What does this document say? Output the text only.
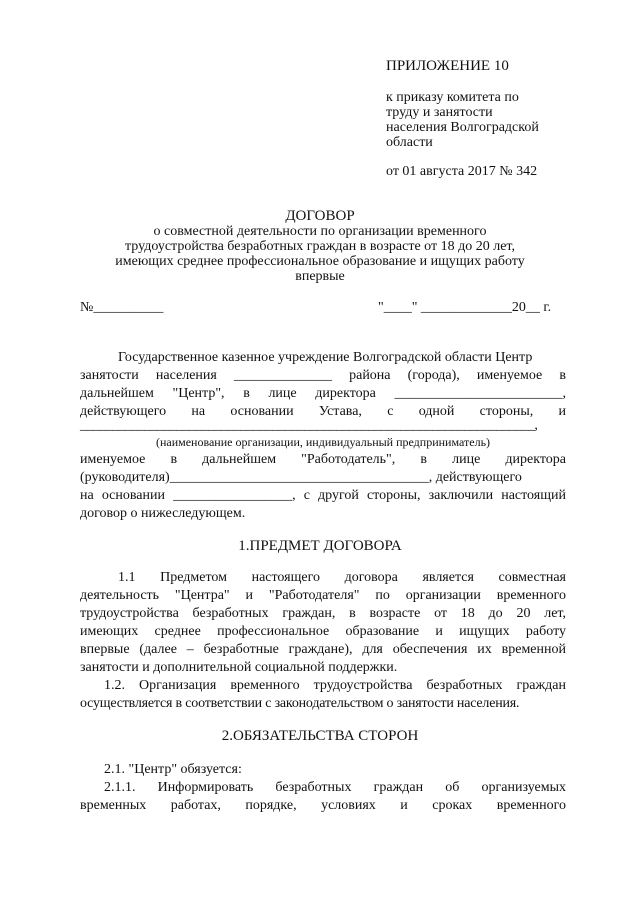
ПРИЛОЖЕНИЕ 10
к приказу комитета по
труду и занятости
населения Волгоградской
области
от 01 августа 2017 № 342
ДОГОВОР
о совместной деятельности по организации временного
трудоустройства безработных граждан в возрасте от 18 до 20 лет,
имеющих среднее профессиональное образование и ищущих работу
впервые
№__________	"____" _____________20__ г.
Государственное казенное учреждение Волгоградской области Центр
занятости населения ______________ района (города), именуемое в
дальнейшем "Центр", в лице директора ________________________,
действующего на основании Устава, с одной стороны, и
_______________________________________________________________________,
(наименование организации, индивидуальный предприниматель)
именуемое в дальнейшем "Работодатель", в лице директора
(руководителя)_____________________________________, действующего
на основании _________________, с другой стороны, заключили настоящий
договор о нижеследующем.
1.ПРЕДМЕТ ДОГОВОРА
1.1 Предметом настоящего договора является совместная
деятельность "Центра" и "Работодателя" по организации временного
трудоустройства безработных граждан, в возрасте от 18 до 20 лет,
имеющих среднее профессиональное образование и ищущих работу
впервые (далее – безработные граждане), для обеспечения их временной
занятости и дополнительной социальной поддержки.
1.2. Организация временного трудоустройства безработных граждан
осуществляется в соответствии с законодательством о занятости населения.
2.ОБЯЗАТЕЛЬСТВА СТОРОН
2.1. "Центр" обязуется:
2.1.1. Информировать безработных граждан об организуемых
временных работах, порядке, условиях и сроках временного
